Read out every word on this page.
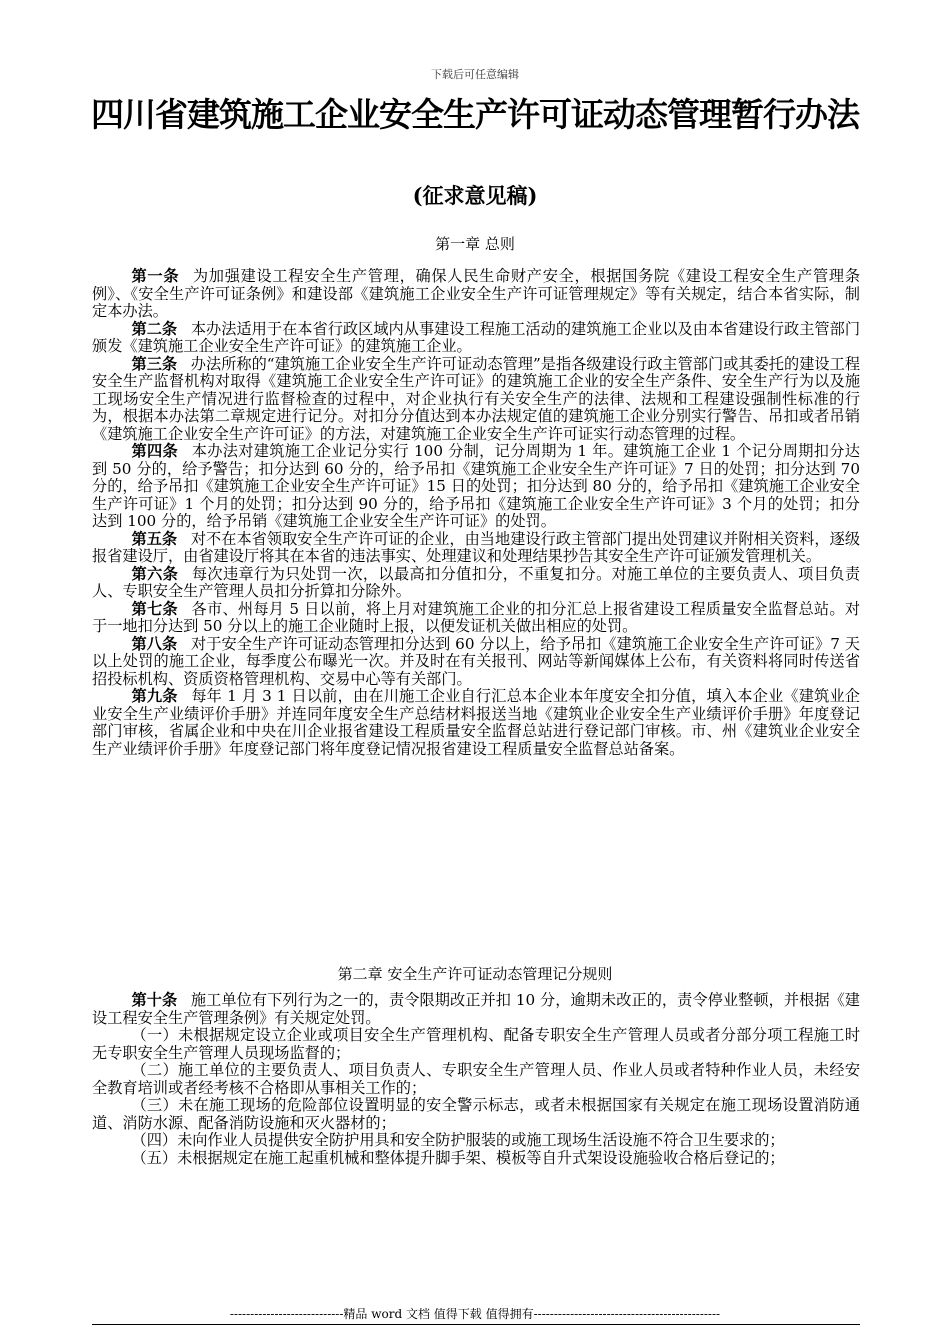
下载后可任意编辑
四川省建筑施工企业安全生产许可证动态管理暂行办法
(征求意见稿)
第一章 总则

第一条 为加强建设工程安全生产管理，确保人民生命财产安全，根据国务院《建设工程安全生产管理条例》、《安全生产许可证条例》和建设部《建筑施工企业安全生产许可证管理规定》等有关规定，结合本省实际，制定本办法。

第二条 本办法适用于在本省行政区域内从事建设工程施工活动的建筑施工企业以及由本省建设行政主管部门颁发《建筑施工企业安全生产许可证》的建筑施工企业。

第三条 办法所称的“建筑施工企业安全生产许可证动态管理”是指各级建设行政主管部门或其委托的建设工程安全生产监督机构对取得《建筑施工企业安全生产许可证》的建筑施工企业的安全生产条件、安全生产行为以及施工现场安全生产情况进行监督检查的过程中，对企业执行有关安全生产的法律、法规和工程建设强制性标准的行为，根据本办法第二章规定进行记分。对扣分分值达到本办法规定值的建筑施工企业分别实行警告、吊扣或者吊销《建筑施工企业安全生产许可证》的方法，对建筑施工企业安全生产许可证实行动态管理的过程。

第四条 本办法对建筑施工企业记分实行 100 分制，记分周期为 1 年。建筑施工企业 1 个记分周期扣分达到 50 分的，给予警告；扣分达到 60 分的，给予吊扣《建筑施工企业安全生产许可证》7 日的处罚；扣分达到 70 分的，给予吊扣《建筑施工企业安全生产许可证》15 日的处罚；扣分达到 80 分的，给予吊扣《建筑施工企业安全生产许可证》1 个月的处罚；扣分达到 90 分的，给予吊扣《建筑施工企业安全生产许可证》3 个月的处罚；扣分达到 100 分的，给予吊销《建筑施工企业安全生产许可证》的处罚。

第五条 对不在本省领取安全生产许可证的企业，由当地建设行政主管部门提出处罚建议并附相关资料，逐级报省建设厅，由省建设厅将其在本省的违法事实、处理建议和处理结果抄告其安全生产许可证颁发管理机关。

第六条 每次违章行为只处罚一次，以最高扣分值扣分，不重复扣分。对施工单位的主要负责人、项目负责人、专职安全生产管理人员扣分折算扣分除外。

第七条 各市、州每月 5 日以前，将上月对建筑施工企业的扣分汇总上报省建设工程质量安全监督总站。对于一地扣分达到 50 分以上的施工企业随时上报，以便发证机关做出相应的处罚。

第八条 对于安全生产许可证动态管理扣分达到 60 分以上，给予吊扣《建筑施工企业安全生产许可证》7 天以上处罚的施工企业，每季度公布曝光一次。并及时在有关报刊、网站等新闻媒体上公布，有关资料将同时传送省招投标机构、资质资格管理机构、交易中心等有关部门。

第九条 每年 1 月 3 1 日以前，由在川施工企业自行汇总本企业本年度安全扣分值，填入本企业《建筑业企业安全生产业绩评价手册》并连同年度安全生产总结材料报送当地《建筑业企业安全生产业绩评价手册》年度登记部门审核，省属企业和中央在川企业报省建设工程质量安全监督总站进行登记部门审核。市、州《建筑业企业安全生产业绩评价手册》年度登记部门将年度登记情况报省建设工程质量安全监督总站备案。

第二章 安全生产许可证动态管理记分规则

第十条 施工单位有下列行为之一的，责令限期改正并扣 10 分，逾期未改正的，责令停业整顿，并根据《建设工程安全生产管理条例》有关规定处罚。

（一）未根据规定设立企业或项目安全生产管理机构、配备专职安全生产管理人员或者分部分项工程施工时无专职安全生产管理人员现场监督的；

（二）施工单位的主要负责人、项目负责人、专职安全生产管理人员、作业人员或者特种作业人员，未经安全教育培训或者经考核不合格即从事相关工作的；

（三）未在施工现场的危险部位设置明显的安全警示标志，或者未根据国家有关规定在施工现场设置消防通道、消防水源、配备消防设施和灭火器材的；

（四）未向作业人员提供安全防护用具和安全防护服装的或施工现场生活设施不符合卫生要求的；

（五）未根据规定在施工起重机械和整体提升脚手架、模板等自升式架设设施验收合格后登记的；

----------------------------精品 word 文档 值得下载 值得拥有----------------------------------------------
